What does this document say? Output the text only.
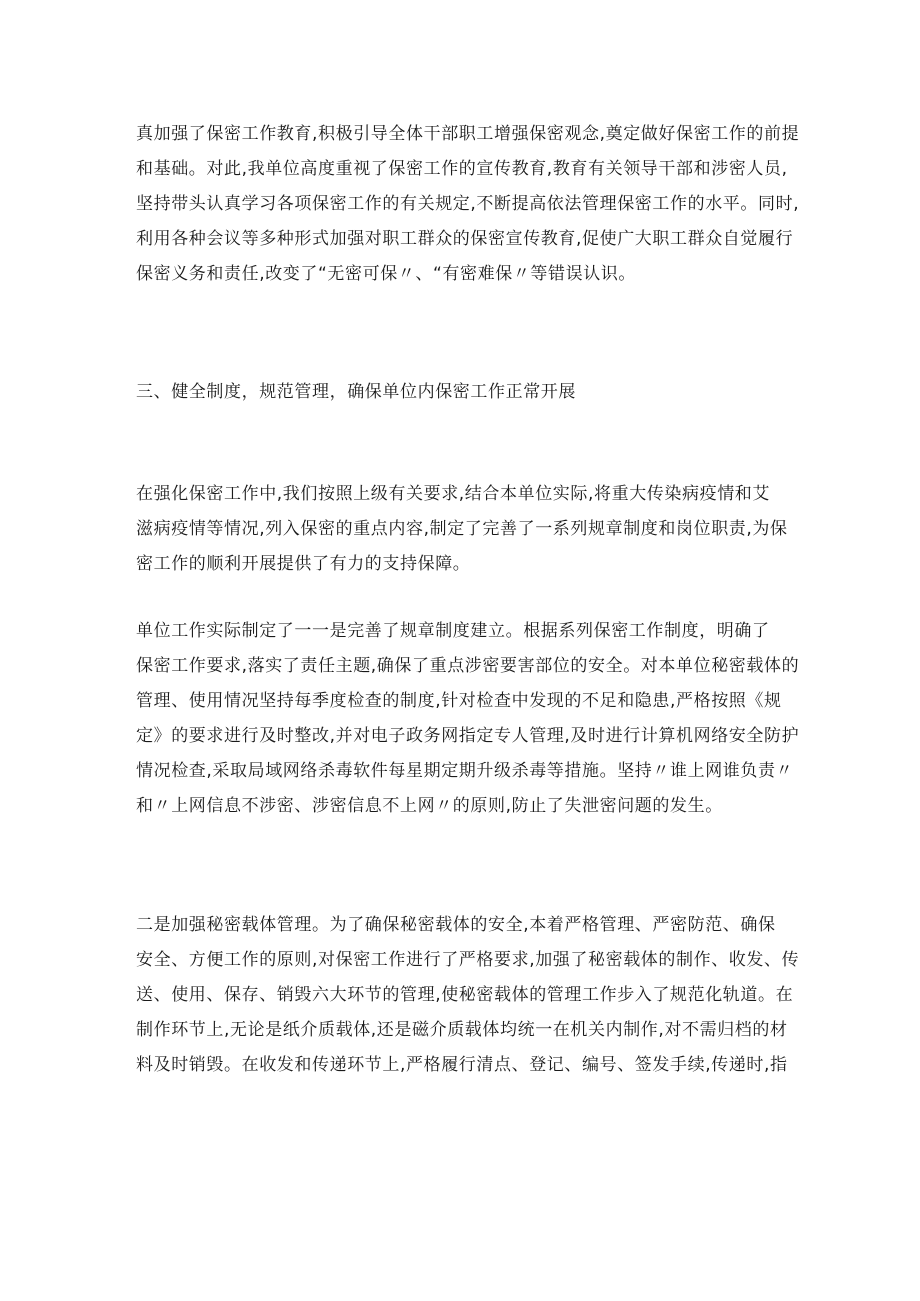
真加强了保密工作教育,积极引导全体干部职工增强保密观念,奠定做好保密工作的前提
和基础。对此,我单位高度重视了保密工作的宣传教育,教育有关领导干部和涉密人员,
坚持带头认真学习各项保密工作的有关规定,不断提高依法管理保密工作的水平。同时,
利用各种会议等多种形式加强对职工群众的保密宣传教育,促使广大职工群众自觉履行
保密义务和责任,改变了“无密可保〃、“有密难保〃等错误认识。

三、健全制度，规范管理，确保单位内保密工作正常开展

在强化保密工作中,我们按照上级有关要求,结合本单位实际,将重大传染病疫情和艾
滋病疫情等情况,列入保密的重点内容,制定了完善了一系列规章制度和岗位职责,为保
密工作的顺利开展提供了有力的支持保障。

单位工作实际制定了一一是完善了规章制度建立。根据系列保密工作制度，明确了
保密工作要求,落实了责任主题,确保了重点涉密要害部位的安全。对本单位秘密载体的
管理、使用情况坚持每季度检查的制度,针对检查中发现的不足和隐患,严格按照《规
定》的要求进行及时整改,并对电子政务网指定专人管理,及时进行计算机网络安全防护
情况检查,采取局域网络杀毒软件每星期定期升级杀毒等措施。坚持〃谁上网谁负责〃
和〃上网信息不涉密、涉密信息不上网〃的原则,防止了失泄密问题的发生。

二是加强秘密载体管理。为了确保秘密载体的安全,本着严格管理、严密防范、确保
安全、方便工作的原则,对保密工作进行了严格要求,加强了秘密载体的制作、收发、传
送、使用、保存、销毁六大环节的管理,使秘密载体的管理工作步入了规范化轨道。在
制作环节上,无论是纸介质载体,还是磁介质载体均统一在机关内制作,对不需归档的材
料及时销毁。在收发和传递环节上,严格履行清点、登记、编号、签发手续,传递时,指
